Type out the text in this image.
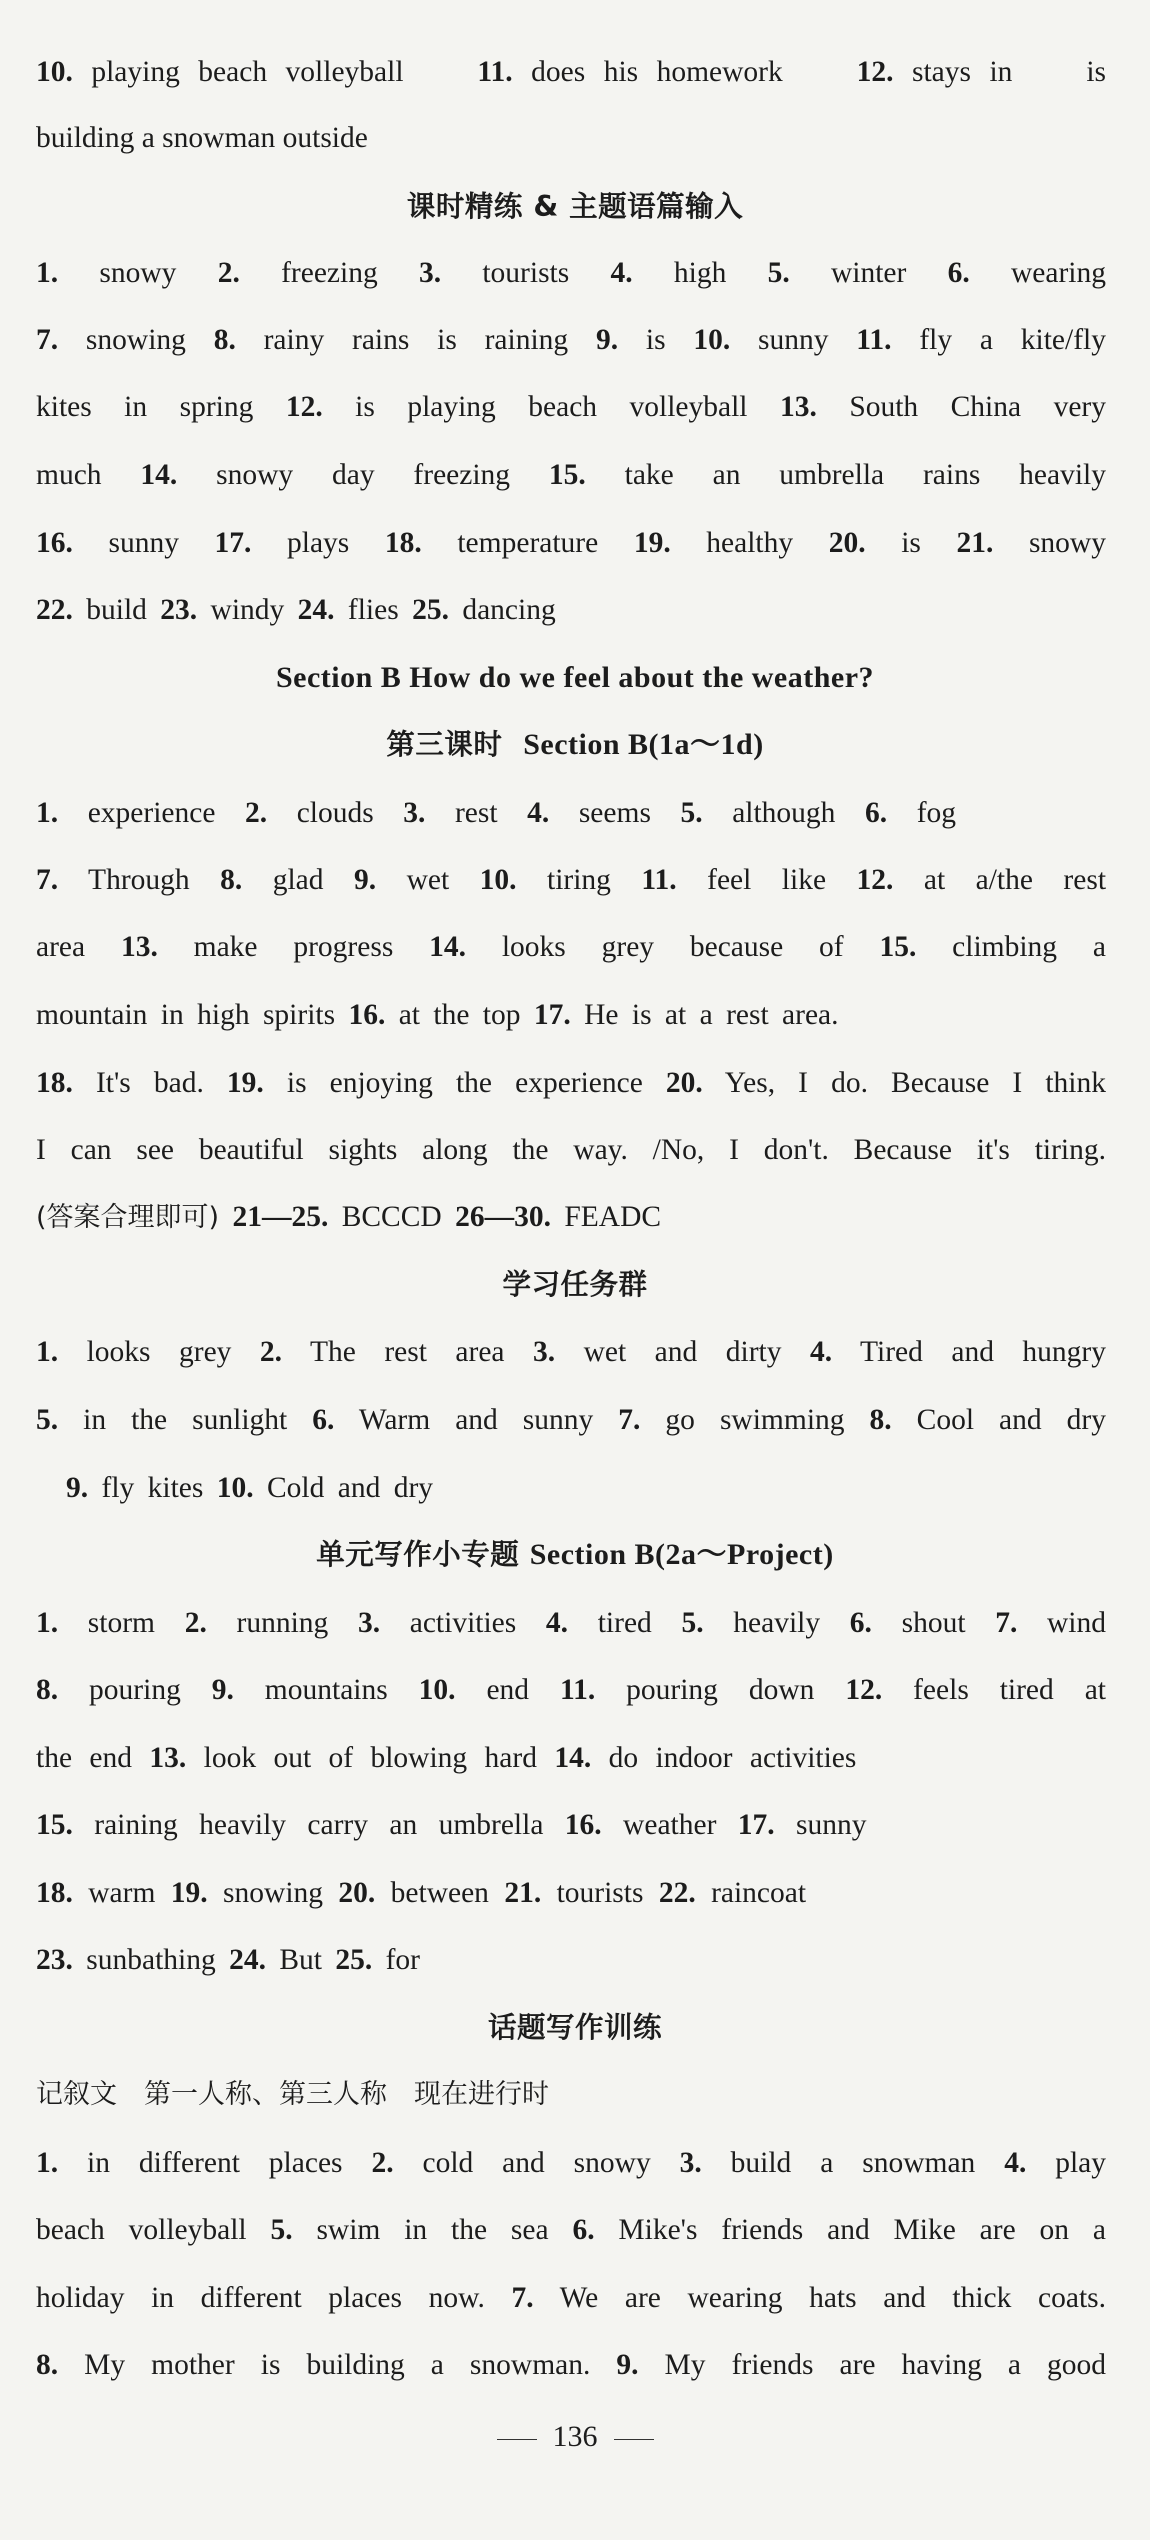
10. playing beach volleyball    11. does his homework    12. stays in    is
building a snowman outside
课时精练 & 主题语篇输入
1. snowy 2. freezing 3. tourists 4. high 5. winter 6. wearing
7. snowing 8. rainy rains is raining 9. is 10. sunny 11. fly a kite/fly
kites in spring 12. is playing beach volleyball 13. South China very
much 14. snowy day freezing 15. take an umbrella rains heavily
16. sunny 17. plays 18. temperature 19. healthy 20. is 21. snowy
22. build 23. windy 24. flies 25. dancing
Section B How do we feel about the weather?
第三课时 Section B(1a～1d)
1. experience 2. clouds 3. rest 4. seems 5. although 6. fog
7. Through 8. glad 9. wet 10. tiring 11. feel like 12. at a/the rest
area 13. make progress 14. looks grey because of 15. climbing a
mountain in high spirits 16. at the top 17. He is at a rest area.
18. It's bad. 19. is enjoying the experience 20. Yes, I do. Because I think
I can see beautiful sights along the way. /No, I don't. Because it's tiring.
(答案合理即可) 21—25. BCCCD 26—30. FEADC
学习任务群
1. looks grey 2. The rest area 3. wet and dirty 4. Tired and hungry
5. in the sunlight 6. Warm and sunny 7. go swimming 8. Cool and dry
9. fly kites 10. Cold and dry
单元写作小专题 Section B(2a～Project)
1. storm 2. running 3. activities 4. tired 5. heavily 6. shout 7. wind
8. pouring 9. mountains 10. end 11. pouring down 12. feels tired at
the end 13. look out of blowing hard 14. do indoor activities
15. raining heavily carry an umbrella 16. weather 17. sunny
18. warm 19. snowing 20. between 21. tourists 22. raincoat
23. sunbathing 24. But 25. for
话题写作训练
记叙文　第一人称、第三人称　现在进行时
1. in different places 2. cold and snowy 3. build a snowman 4. play
beach volleyball 5. swim in the sea 6. Mike's friends and Mike are on a
holiday in different places now. 7. We are wearing hats and thick coats.
8. My mother is building a snowman. 9. My friends are having a good
136
